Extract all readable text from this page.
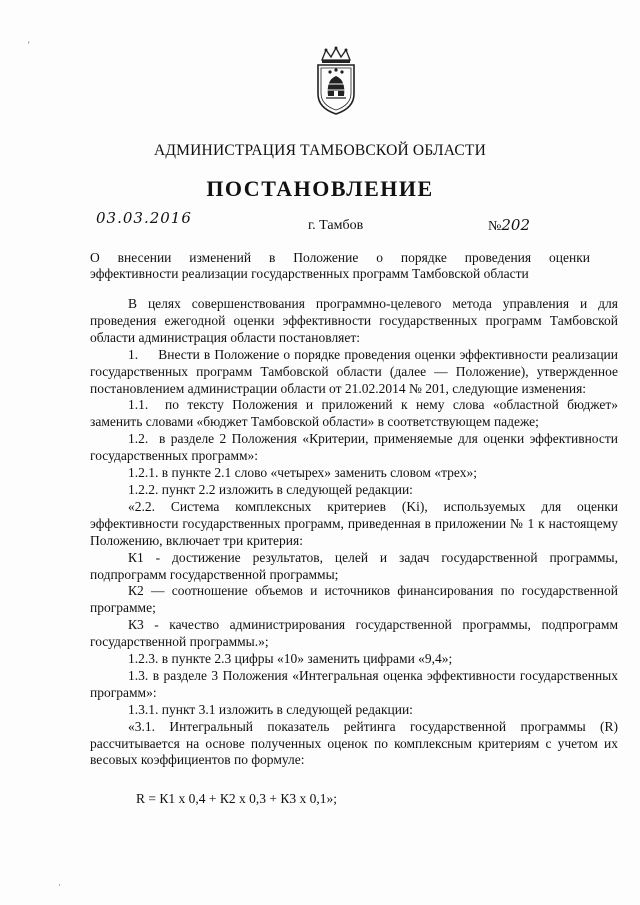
АДМИНИСТРАЦИЯ ТАМБОВСКОЙ ОБЛАСТИ
ПОСТАНОВЛЕНИЕ
03.03.2016	г. Тамбов	№202
О внесении изменений в Положение о порядке проведения оценки
эффективности реализации государственных программ Тамбовской области

В целях совершенствования программно-целевого метода управления и для проведения ежегодной оценки эффективности государственных программ Тамбовской области администрация области постановляет:

1.     Внести в Положение о порядке проведения оценки эффективности реализации государственных программ Тамбовской области (далее — Положение), утвержденное постановлением администрации области от 21.02.2014 № 201, следующие изменения:

1.1.  по тексту Положения и приложений к нему слова «областной бюджет» заменить словами «бюджет Тамбовской области» в соответствующем падеже;

1.2.  в разделе 2 Положения «Критерии, применяемые для оценки эффективности государственных программ»:

1.2.1. в пункте 2.1 слово «четырех» заменить словом «трех»;

1.2.2. пункт 2.2 изложить в следующей редакции:

«2.2. Система комплексных критериев (Ki), используемых для оценки эффективности государственных программ, приведенная в приложении № 1 к настоящему Положению, включает три критерия:

К1 - достижение результатов, целей и задач государственной программы, подпрограмм государственной программы;

К2 — соотношение объемов и источников финансирования по государственной программе;

К3 - качество администрирования государственной программы, подпрограмм государственной программы.»;

1.2.3. в пункте 2.3 цифры «10» заменить цифрами «9,4»;

1.3. в разделе 3 Положения «Интегральная оценка эффективности государственных программ»:

1.3.1. пункт 3.1 изложить в следующей редакции:

«3.1. Интегральный показатель рейтинга государственной программы (R) рассчитывается на основе полученных оценок по комплексным критериям с учетом их весовых коэффициентов по формуле:

R = К1 х 0,4 + К2 х 0,3 + К3 х 0,1»;

'
·
